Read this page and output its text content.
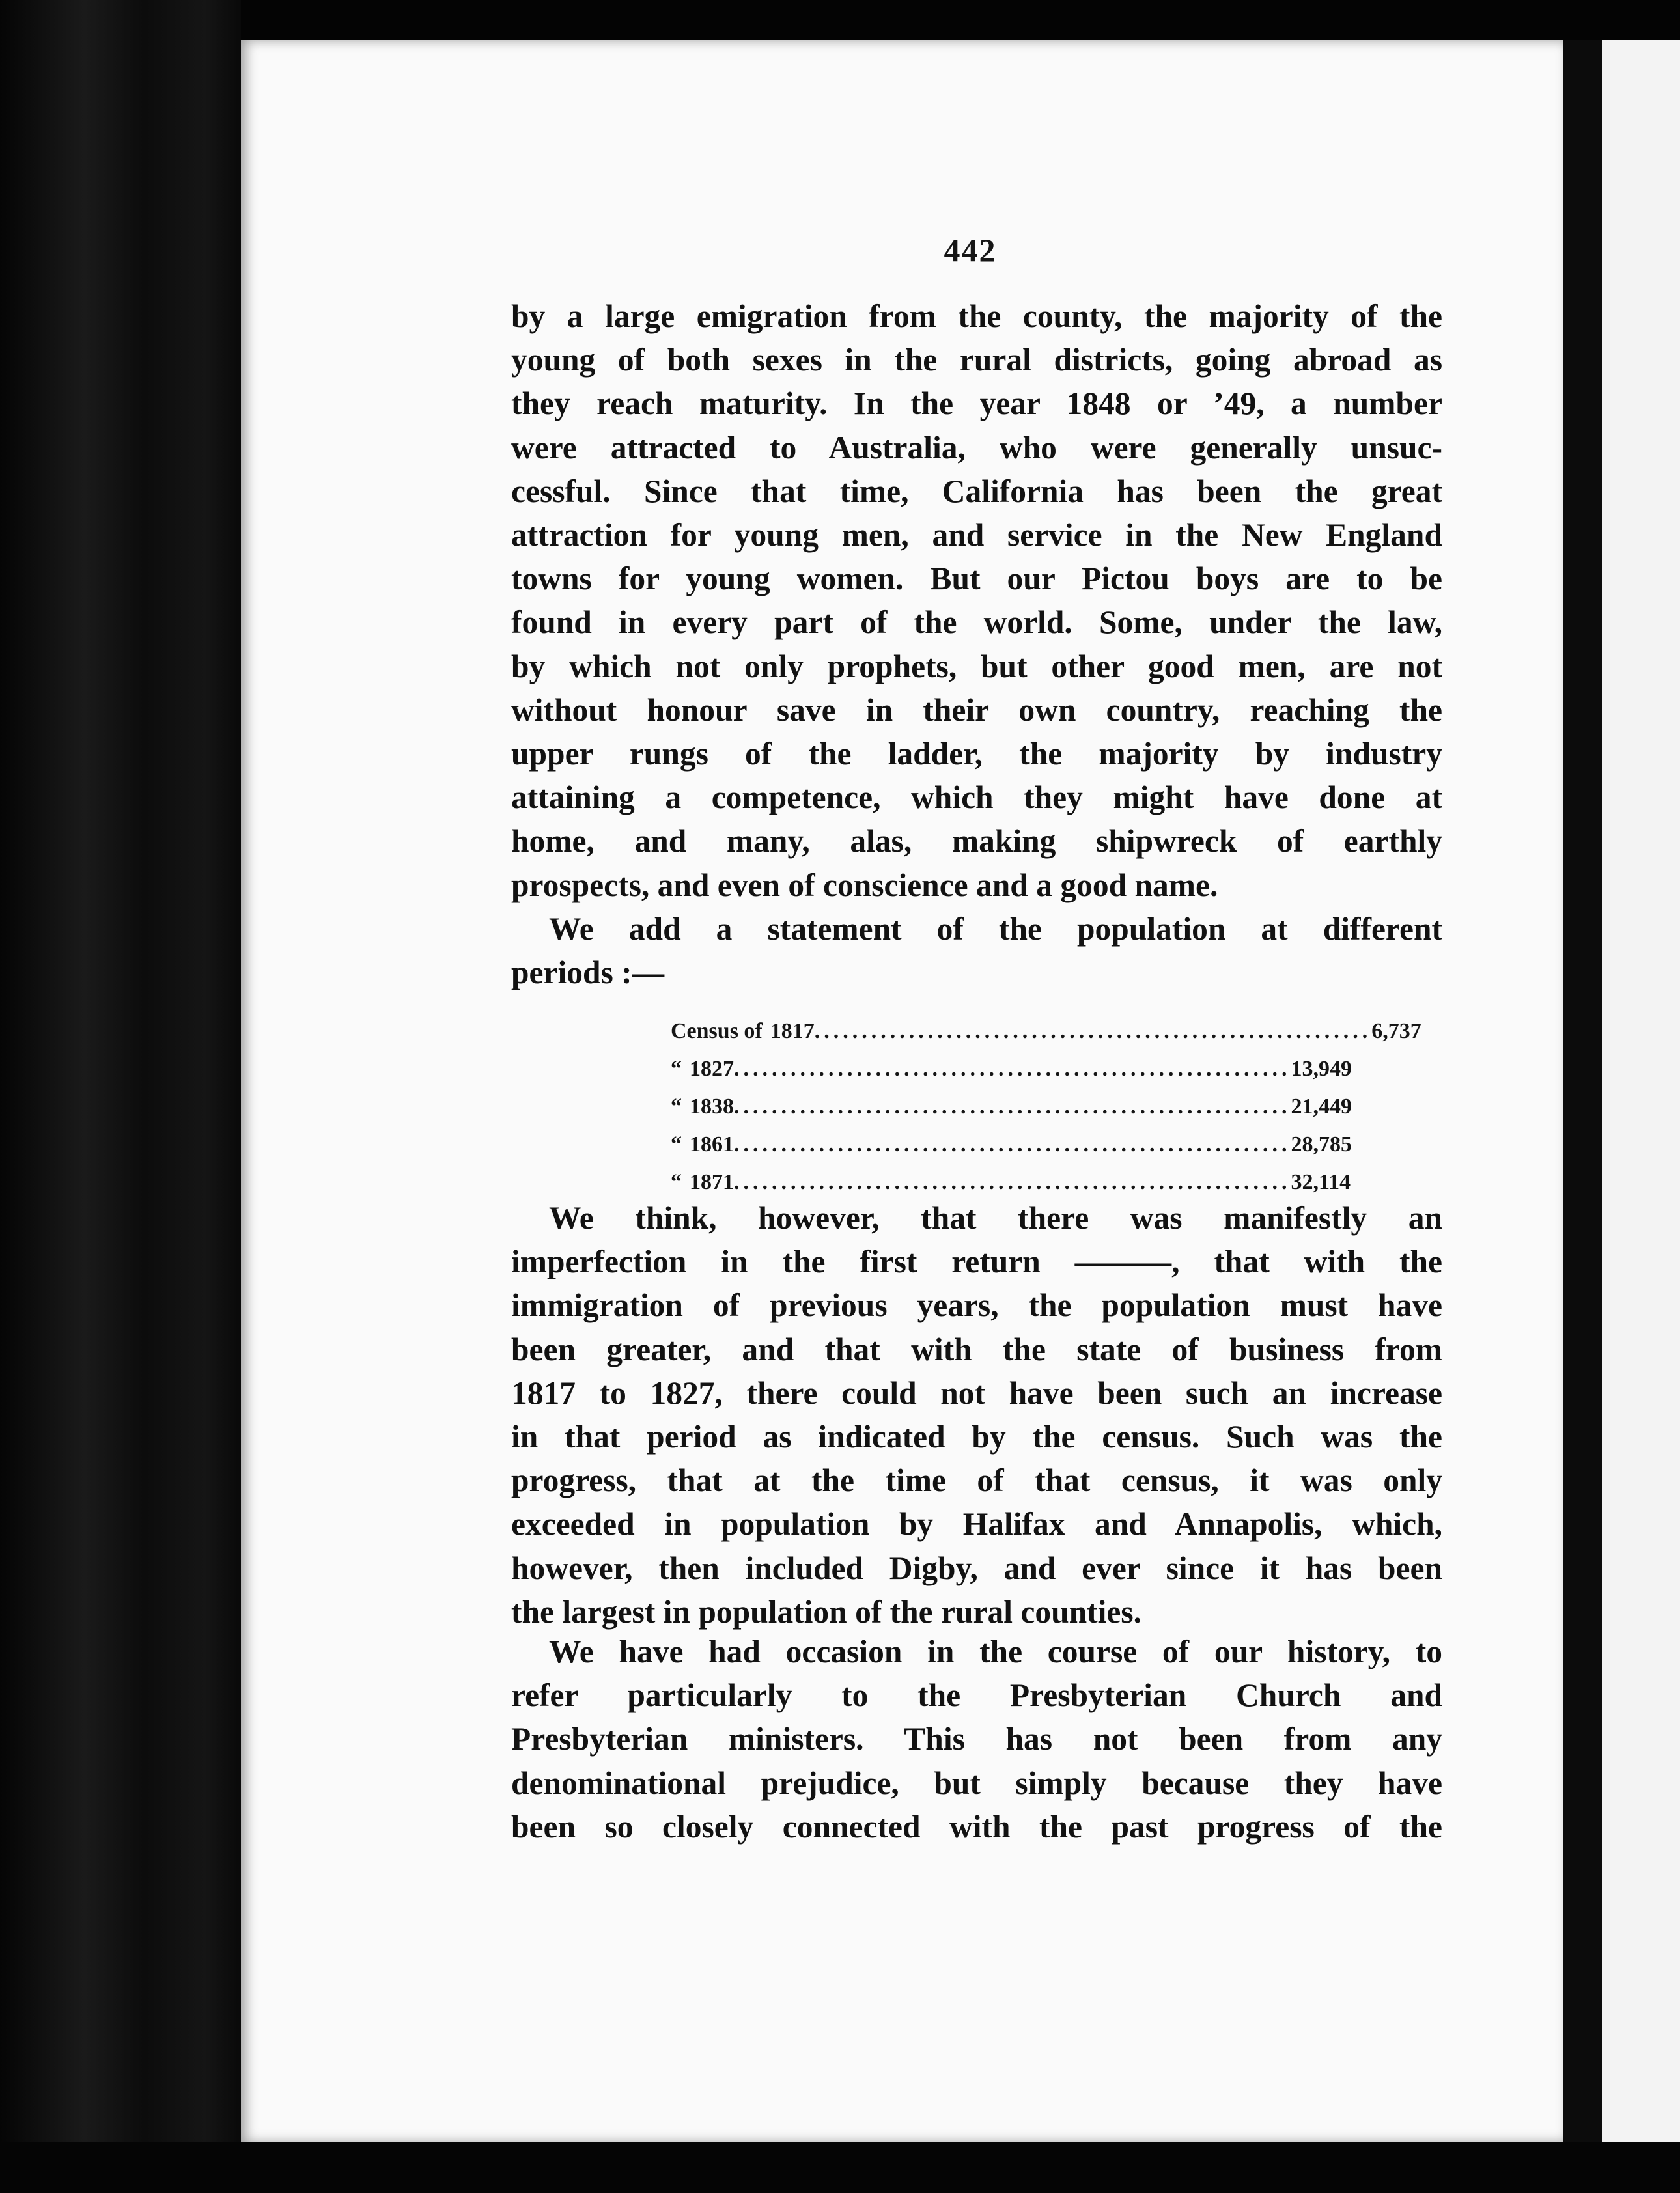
442

by a large emigration from the county, the majority of the

young of both sexes in the rural districts, going abroad as

they reach maturity. In the year 1848 or ’49, a number

were attracted to Australia, who were generally unsuc-

cessful. Since that time, California has been the great

attraction for young men, and service in the New England

towns for young women. But our Pictou boys are to be

found in every part of the world. Some, under the law,

by which not only prophets, but other good men, are not

without honour save in their own country, reaching the

upper rungs of the ladder, the majority by industry

attaining a competence, which they might have done at

home, and many, alas, making shipwreck of earthly

prospects, and even of conscience and a good name.

We add a statement of the population at different

periods :—

Census of 1817 ........................................................... 6,737
“ 1827 ........................................................... 13,949
“ 1838 ........................................................... 21,449
“ 1861 ........................................................... 28,785
“ 1871 ........................................................... 32,114

We think, however, that there was manifestly an

imperfection in the first return ———, that with the

immigration of previous years, the population must have

been greater, and that with the state of business from

1817 to 1827, there could not have been such an increase

in that period as indicated by the census. Such was the

progress, that at the time of that census, it was only

exceeded in population by Halifax and Annapolis, which,

however, then included Digby, and ever since it has been

the largest in population of the rural counties.

We have had occasion in the course of our history, to

refer particularly to the Presbyterian Church and

Presbyterian ministers. This has not been from any

denominational prejudice, but simply because they have

been so closely connected with the past progress of the
